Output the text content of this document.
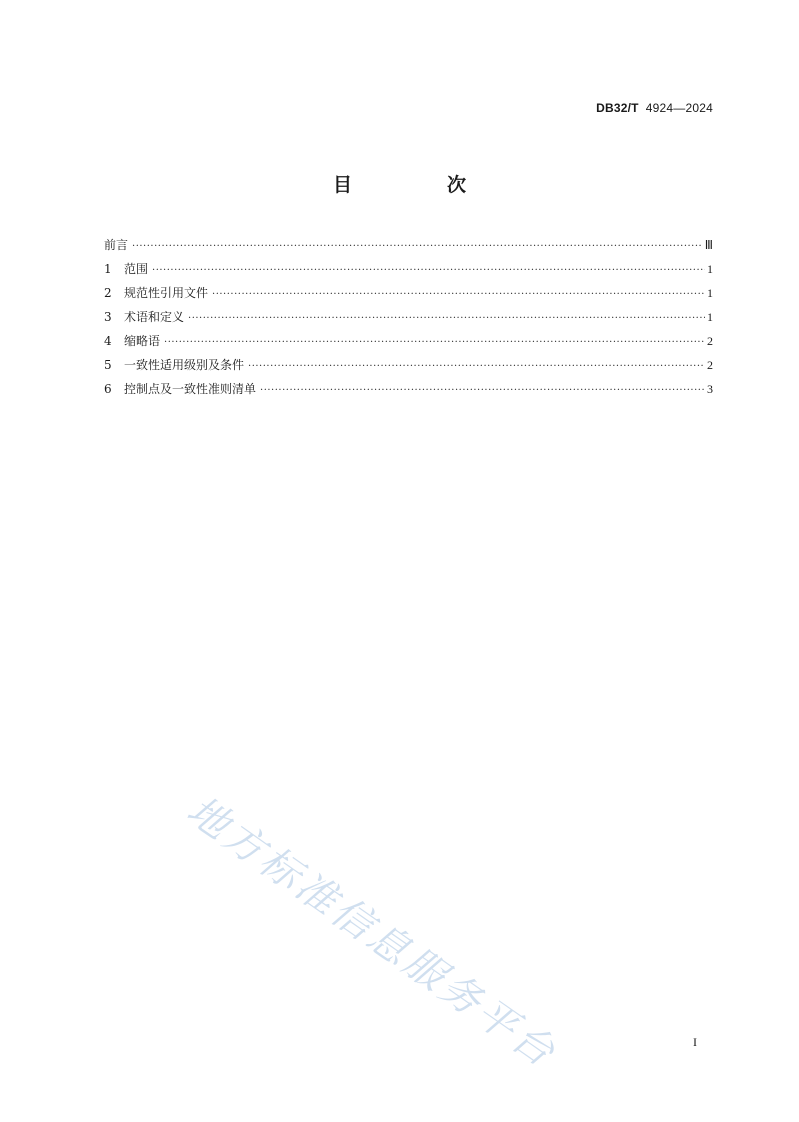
DB32/T 4924—2024
目　次
前言 ·····	Ⅲ
1	范围 ·····	1
2	规范性引用文件 ·····	1
3	术语和定义 ·····	1
4	缩略语 ·····	2
5	一致性适用级别及条件 ·····	2
6	控制点及一致性准则清单 ·····	3
地方标准信息服务平台	I
